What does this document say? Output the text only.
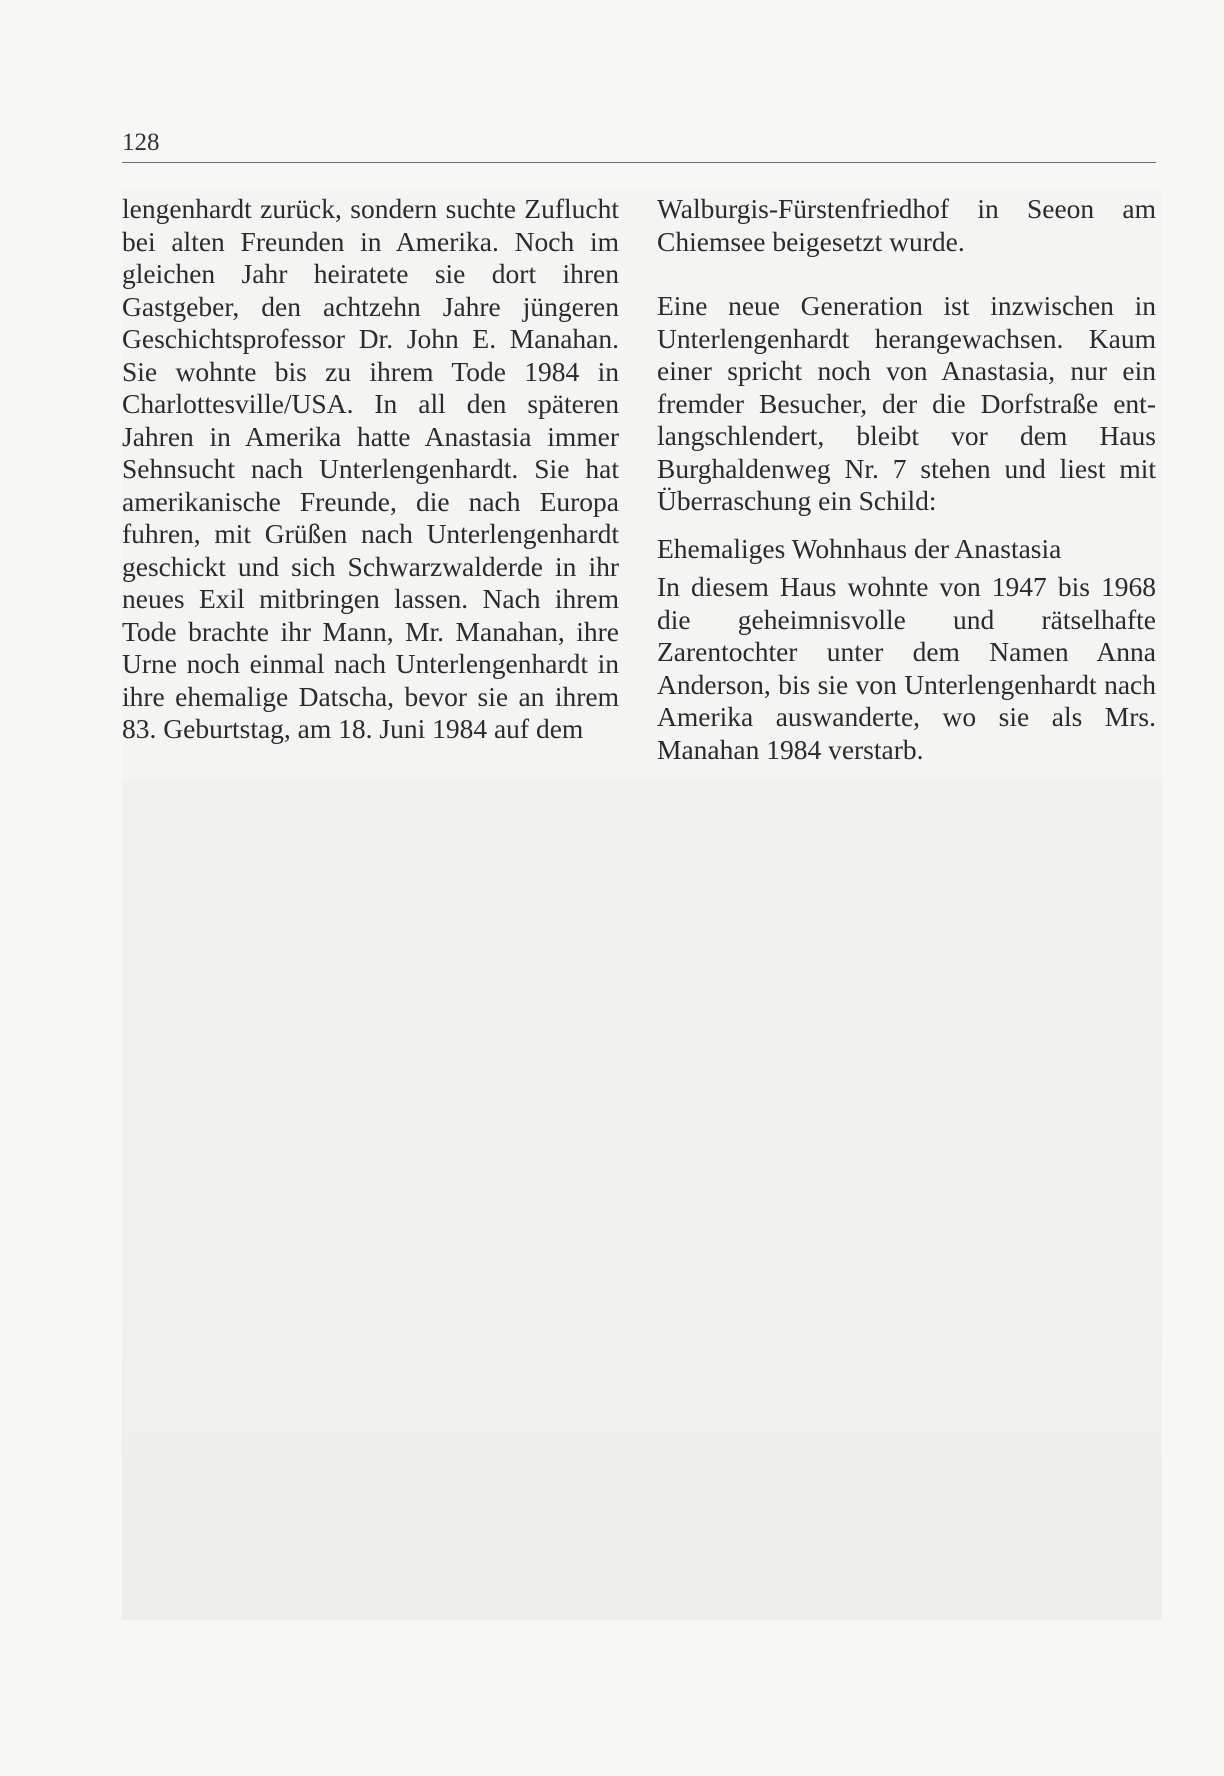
128

lengenhardt zurück, sondern suchte Zuflucht bei alten Freunden in Amerika. Noch im gleichen Jahr heiratete sie dort ihren Gastgeber, den achtzehn Jahre jüngeren Geschichtsprofessor Dr. John E. Manahan. Sie wohnte bis zu ihrem Tode 1984 in Charlottesville/USA. In all den späteren Jahren in Amerika hatte Anastasia immer Sehnsucht nach Unterlengenhardt. Sie hat amerikanische Freunde, die nach Europa fuhren, mit Grüßen nach Unterlengenhardt geschickt und sich Schwarzwalderde in ihr neues Exil mitbringen lassen. Nach ihrem Tode brachte ihr Mann, Mr. Manahan, ihre Urne noch einmal nach Unterlengenhardt in ihre ehemalige Datscha, bevor sie an ihrem 83. Geburtstag, am 18. Juni 1984 auf dem

Walburgis-Fürstenfriedhof in Seeon am Chiemsee beigesetzt wurde.

Eine neue Generation ist inzwischen in Unterlengenhardt herangewachsen. Kaum einer spricht noch von Anastasia, nur ein fremder Besucher, der die Dorfstraße entlangschlendert, bleibt vor dem Haus Burghaldenweg Nr. 7 stehen und liest mit Überraschung ein Schild:

Ehemaliges Wohnhaus der Anastasia

In diesem Haus wohnte von 1947 bis 1968 die geheimnisvolle und rätselhafte Zarentochter unter dem Namen Anna Anderson, bis sie von Unterlengenhardt nach Amerika auswanderte, wo sie als Mrs. Manahan 1984 verstarb.
